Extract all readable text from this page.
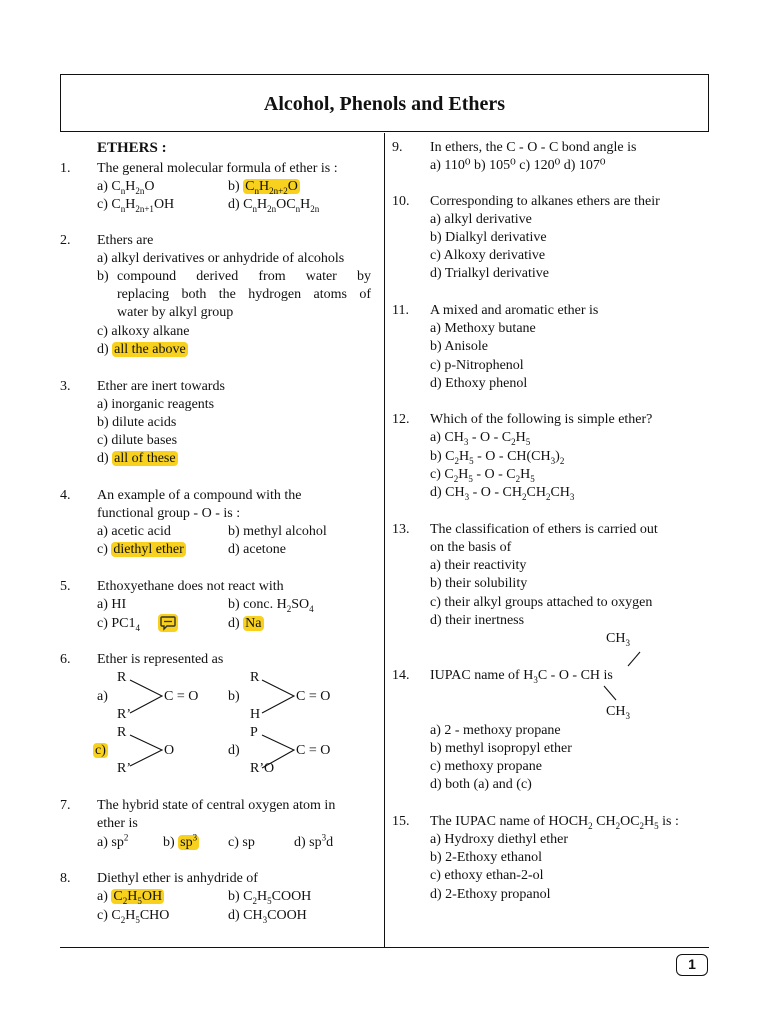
Alcohol, Phenols and Ethers
1
ETHERS :
1. The general molecular formula of ether is :
a) $C_nH_{2n}O$	b) $C_nH_{2n+2}O$
c) $C_nH_{2n+1}OH$	d) $C_nH_{2n}OC_nH_{2n}$
2. Ethers are
a) alkyl derivatives or anhydride of alcohols
b) compound derived from water by
replacing both the hydrogen atoms of
water by alkyl group
c) alkoxy alkane
d) all the above
3. Ether are inert towards
a) inorganic reagents
b) dilute acids
c) dilute bases
d) all of these
4. An example of a compound with the
functional group - O - is :
a) acetic acid	b) methyl alcohol
c) diethyl ether	d) acetone
5. Ethoxyethane does not react with
a) HI	b) conc. $H_2SO_4$
c) $PC1_4$	d) Na
6. Ether is represented as
R
a)	C = O
R’
R
b)	C = O
H
R
c)	O
R’
P
d)	C = O
R’O
7. The hybrid state of central oxygen atom in
ether is
a) $sp^2$ b) $sp^3$ c) sp	d) $sp^3d$
8. Diethyl ether is anhydride of
a) $C_2H_5OH$	b) $C_2H_5COOH$
c) $C_2H_5CHO$	d) $CH_3COOH$
9. In ethers, the C - O - C bond angle is
a) 110⁰ b) 105⁰ c) 120⁰ d) 107⁰
10. Corresponding to alkanes ethers are their
a) alkyl derivative
b) Dialkyl derivative
c) Alkoxy derivative
d) Trialkyl derivative
11. A mixed and aromatic ether is
a) Methoxy butane
b) Anisole
c) p-Nitrophenol
d) Ethoxy phenol
12. Which of the following is simple ether?
a) $CH_3$ - O - $C_2H_5$
b) $C_2H_5$ - O - $CH(CH_3)_2$
c) $C_2H_5$ - O - $C_2H_5$
d) $CH_3$ - O - $CH_2CH_2CH_3$
13. The classification of ethers is carried out
on the basis of
a) their reactivity
b) their solubility
c) their alkyl groups attached to oxygen
d) their inertness
$CH_3$
14. IUPAC name of $H_3C$ - O - CH is
$CH_3$
a) 2 - methoxy propane
b) methyl isopropyl ether
c) methoxy propane
d) both (a) and (c)
15. The IUPAC name of $HOCH_2$ $CH_2OC_2H_5$ is :
a) Hydroxy diethyl ether
b) 2-Ethoxy ethanol
c) ethoxy ethan-2-ol
d) 2-Ethoxy propanol
